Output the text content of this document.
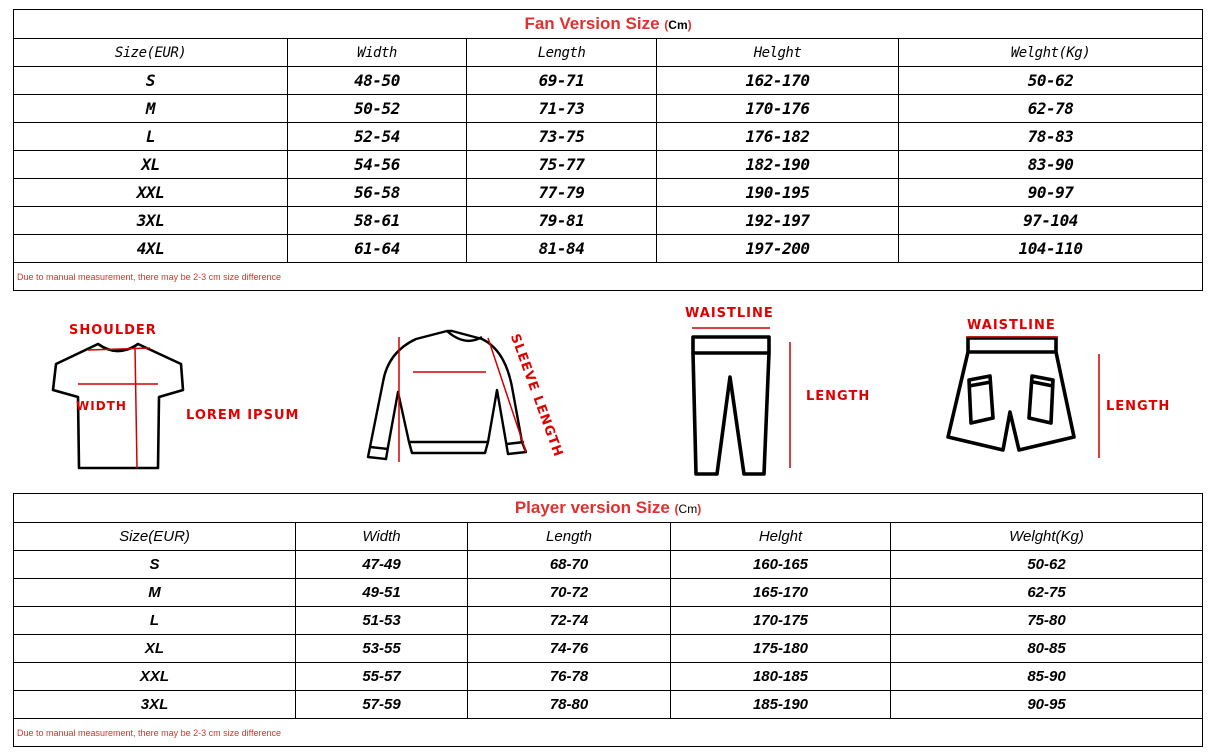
Fan Version Size (Cm)				
Size(EUR)	Width	Length	Helght	Welght(Kg)
S	48-50	69-71	162-170	50-62
M	50-52	71-73	170-176	62-78
L	52-54	73-75	176-182	78-83
XL	54-56	75-77	182-190	83-90
XXL	56-58	77-79	190-195	90-97
3XL	58-61	79-81	192-197	97-104
4XL	61-64	81-84	197-200	104-110
Due to manual measurement, there may be 2-3 cm size difference				
SHOULDER
WIDTH
LOREM IPSUM	SLEEVE LENGTH
WAISTLINE
LENGTH
WAISTLINE
LENGTH
Player version Size (Cm)				
Size(EUR)	Width	Length	Helght	Welght(Kg)
S	47-49	68-70	160-165	50-62
M	49-51	70-72	165-170	62-75
L	51-53	72-74	170-175	75-80
XL	53-55	74-76	175-180	80-85
XXL	55-57	76-78	180-185	85-90
3XL	57-59	78-80	185-190	90-95
Due to manual measurement, there may be 2-3 cm size difference				
